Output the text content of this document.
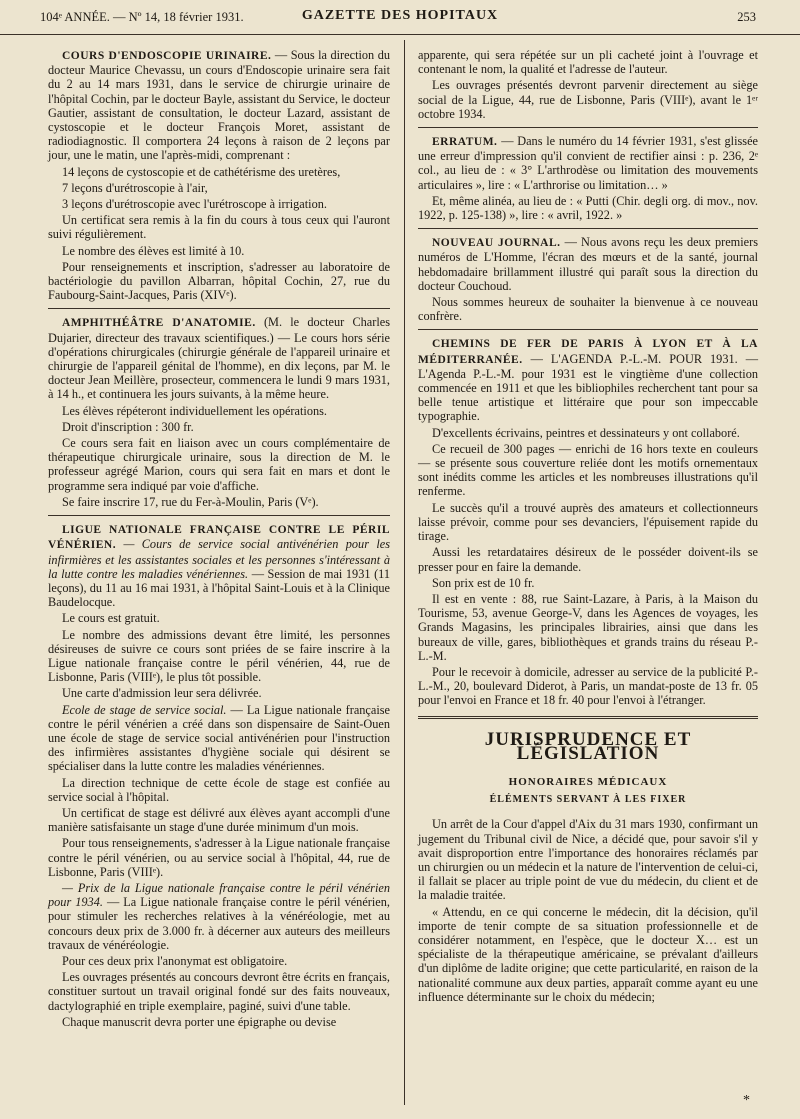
104ᵉ ANNÉE. — Nº 14, 18 février 1931.	GAZETTE DES HOPITAUX	253

COURS D'ENDOSCOPIE URINAIRE. — Sous la direction du docteur Maurice Chevassu, un cours d'Endoscopie urinaire sera fait du 2 au 14 mars 1931, dans le service de chirurgie urinaire de l'hôpital Cochin, par le docteur Bayle, assistant du Service, le docteur Gautier, assistant de consultation, le docteur Lazard, assistant de cystoscopie et le docteur François Moret, assistant de radiodiagnostic. Il comportera 24 leçons à raison de 2 leçons par jour, une le matin, une l'après-midi, comprenant :

14 leçons de cystoscopie et de cathétérisme des uretères,

7 leçons d'urétroscopie à l'air,

3 leçons d'urétroscopie avec l'urétroscope à irrigation.

Un certificat sera remis à la fin du cours à tous ceux qui l'auront suivi régulièrement.

Le nombre des élèves est limité à 10.

Pour renseignements et inscription, s'adresser au laboratoire de bactériologie du pavillon Albarran, hôpital Cochin, 27, rue du Faubourg-Saint-Jacques, Paris (XIVᵉ).

AMPHITHÉÂTRE D'ANATOMIE. (M. le docteur Charles Dujarier, directeur des travaux scientifiques.) — Le cours hors série d'opérations chirurgicales (chirurgie générale de l'appareil urinaire et chirurgie de l'appareil génital de l'homme), en dix leçons, par M. le docteur Jean Meillère, prosecteur, commencera le lundi 9 mars 1931, à 14 h., et continuera les jours suivants, à la même heure.

Les élèves répéteront individuellement les opérations.

Droit d'inscription : 300 fr.

Ce cours sera fait en liaison avec un cours complémentaire de thérapeutique chirurgicale urinaire, sous la direction de M. le professeur agrégé Marion, cours qui sera fait en mars et dont le programme sera indiqué par voie d'affiche.

Se faire inscrire 17, rue du Fer-à-Moulin, Paris (Vᵉ).

LIGUE NATIONALE FRANÇAISE CONTRE LE PÉRIL VÉNÉRIEN. — Cours de service social antivénérien pour les infirmières et les assistantes sociales et les personnes s'intéressant à la lutte contre les maladies vénériennes. — Session de mai 1931 (11 leçons), du 11 au 16 mai 1931, à l'hôpital Saint-Louis et à la Clinique Baudelocque.

Le cours est gratuit.

Le nombre des admissions devant être limité, les personnes désireuses de suivre ce cours sont priées de se faire inscrire à la Ligue nationale française contre le péril vénérien, 44, rue de Lisbonne, Paris (VIIIᵉ), le plus tôt possible.

Une carte d'admission leur sera délivrée.

Ecole de stage de service social. — La Ligue nationale française contre le péril vénérien a créé dans son dispensaire de Saint-Ouen une école de stage de service social antivénérien pour l'instruction des infirmières assistantes d'hygiène sociale qui désirent se spécialiser dans la lutte contre les maladies vénériennes.

La direction technique de cette école de stage est confiée au service social à l'hôpital.

Un certificat de stage est délivré aux élèves ayant accompli d'une manière satisfaisante un stage d'une durée minimum d'un mois.

Pour tous renseignements, s'adresser à la Ligue nationale française contre le péril vénérien, ou au service social à l'hôpital, 44, rue de Lisbonne, Paris (VIIIᵉ).

— Prix de la Ligue nationale française contre le péril vénérien pour 1934. — La Ligue nationale française contre le péril vénérien, pour stimuler les recherches relatives à la vénéréologie, met au concours deux prix de 3.000 fr. à décerner aux auteurs des meilleurs travaux de vénéréologie.

Pour ces deux prix l'anonymat est obligatoire.

Les ouvrages présentés au concours devront être écrits en français, constituer surtout un travail original fondé sur des faits nouveaux, dactylographié en triple exemplaire, paginé, suivi d'une table.

Chaque manuscrit devra porter une épigraphe ou devise

apparente, qui sera répétée sur un pli cacheté joint à l'ouvrage et contenant le nom, la qualité et l'adresse de l'auteur.

Les ouvrages présentés devront parvenir directement au siège social de la Ligue, 44, rue de Lisbonne, Paris (VIIIᵉ), avant le 1ᵉʳ octobre 1934.

ERRATUM. — Dans le numéro du 14 février 1931, s'est glissée une erreur d'impression qu'il convient de rectifier ainsi : p. 236, 2ᵉ col., au lieu de : « 3° L'arthrodèse ou limitation des mouvements articulaires », lire : « L'arthrorise ou limitation… »

Et, même alinéa, au lieu de : « Putti (Chir. degli org. di mov., nov. 1922, p. 125-138) », lire : « avril, 1922. »

NOUVEAU JOURNAL. — Nous avons reçu les deux premiers numéros de L'Homme, l'écran des mœurs et de la santé, journal hebdomadaire brillamment illustré qui paraît sous la direction du docteur Couchoud.

Nous sommes heureux de souhaiter la bienvenue à ce nouveau confrère.

CHEMINS DE FER DE PARIS À LYON ET À LA MÉDITERRANÉE. — L'AGENDA P.-L.-M. POUR 1931. — L'Agenda P.-L.-M. pour 1931 est le vingtième d'une collection commencée en 1911 et que les bibliophiles recherchent tant pour sa belle tenue artistique et littéraire que pour son impeccable typographie.

D'excellents écrivains, peintres et dessinateurs y ont collaboré.

Ce recueil de 300 pages — enrichi de 16 hors texte en couleurs — se présente sous couverture reliée dont les motifs ornementaux sont inédits comme les articles et les nombreuses illustrations qu'il renferme.

Le succès qu'il a trouvé auprès des amateurs et collectionneurs laisse prévoir, comme pour ses devanciers, l'épuisement rapide du tirage.

Aussi les retardataires désireux de le posséder doivent-ils se presser pour en faire la demande.

Son prix est de 10 fr.

Il est en vente : 88, rue Saint-Lazare, à Paris, à la Maison du Tourisme, 53, avenue George-V, dans les Agences de voyages, les Grands Magasins, les principales librairies, ainsi que dans les bureaux de ville, gares, bibliothèques et grands trains du réseau P.-L.-M.

Pour le recevoir à domicile, adresser au service de la publicité P.-L.-M., 20, boulevard Diderot, à Paris, un mandat-poste de 13 fr. 05 pour l'envoi en France et 18 fr. 40 pour l'envoi à l'étranger.

JURISPRUDENCE ET LÉGISLATION
HONORAIRES MÉDICAUX
ÉLÉMENTS SERVANT À LES FIXER

Un arrêt de la Cour d'appel d'Aix du 31 mars 1930, confirmant un jugement du Tribunal civil de Nice, a décidé que, pour savoir s'il y avait disproportion entre l'importance des honoraires réclamés par un chirurgien ou un médecin et la nature de l'intervention de celui-ci, il fallait se placer au triple point de vue du médecin, du client et de la maladie traitée.

« Attendu, en ce qui concerne le médecin, dit la décision, qu'il importe de tenir compte de sa situation professionnelle et de considérer notamment, en l'espèce, que le docteur X… est un spécialiste de la thérapeutique américaine, se prévalant d'ailleurs d'un diplôme de ladite origine; que cette particularité, en raison de la nationalité commune aux deux parties, apparaît comme ayant eu une influence déterminante sur le choix du médecin;

*
